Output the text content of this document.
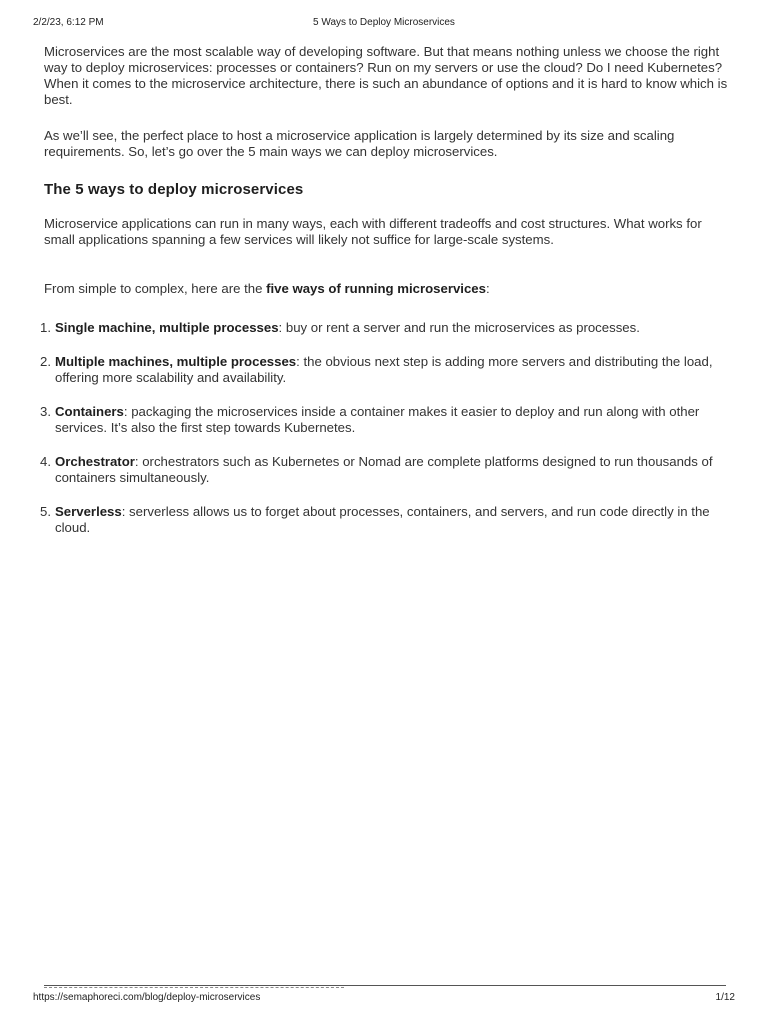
2/2/23, 6:12 PM	5 Ways to Deploy Microservices

Microservices are the most scalable way of developing software. But that means nothing unless we choose the right way to deploy microservices: processes or containers? Run on my servers or use the cloud? Do I need Kubernetes? When it comes to the microservice architecture, there is such an abundance of options and it is hard to know which is best.

As we’ll see, the perfect place to host a microservice application is largely determined by its size and scaling requirements. So, let’s go over the 5 main ways we can deploy microservices.

The 5 ways to deploy microservices

Microservice applications can run in many ways, each with different tradeoffs and cost structures. What works for small applications spanning a few services will likely not suffice for large-scale systems.

From simple to complex, here are the five ways of running microservices:

1. Single machine, multiple processes: buy or rent a server and run the microservices as processes.
2. Multiple machines, multiple processes: the obvious next step is adding more servers and distributing the load, offering more scalability and availability.
3. Containers: packaging the microservices inside a container makes it easier to deploy and run along with other services. It’s also the first step towards Kubernetes.
4. Orchestrator: orchestrators such as Kubernetes or Nomad are complete platforms designed to run thousands of containers simultaneously.
5. Serverless: serverless allows us to forget about processes, containers, and servers, and run code directly in the cloud.
https://semaphoreci.com/blog/deploy-microservices	1/12
